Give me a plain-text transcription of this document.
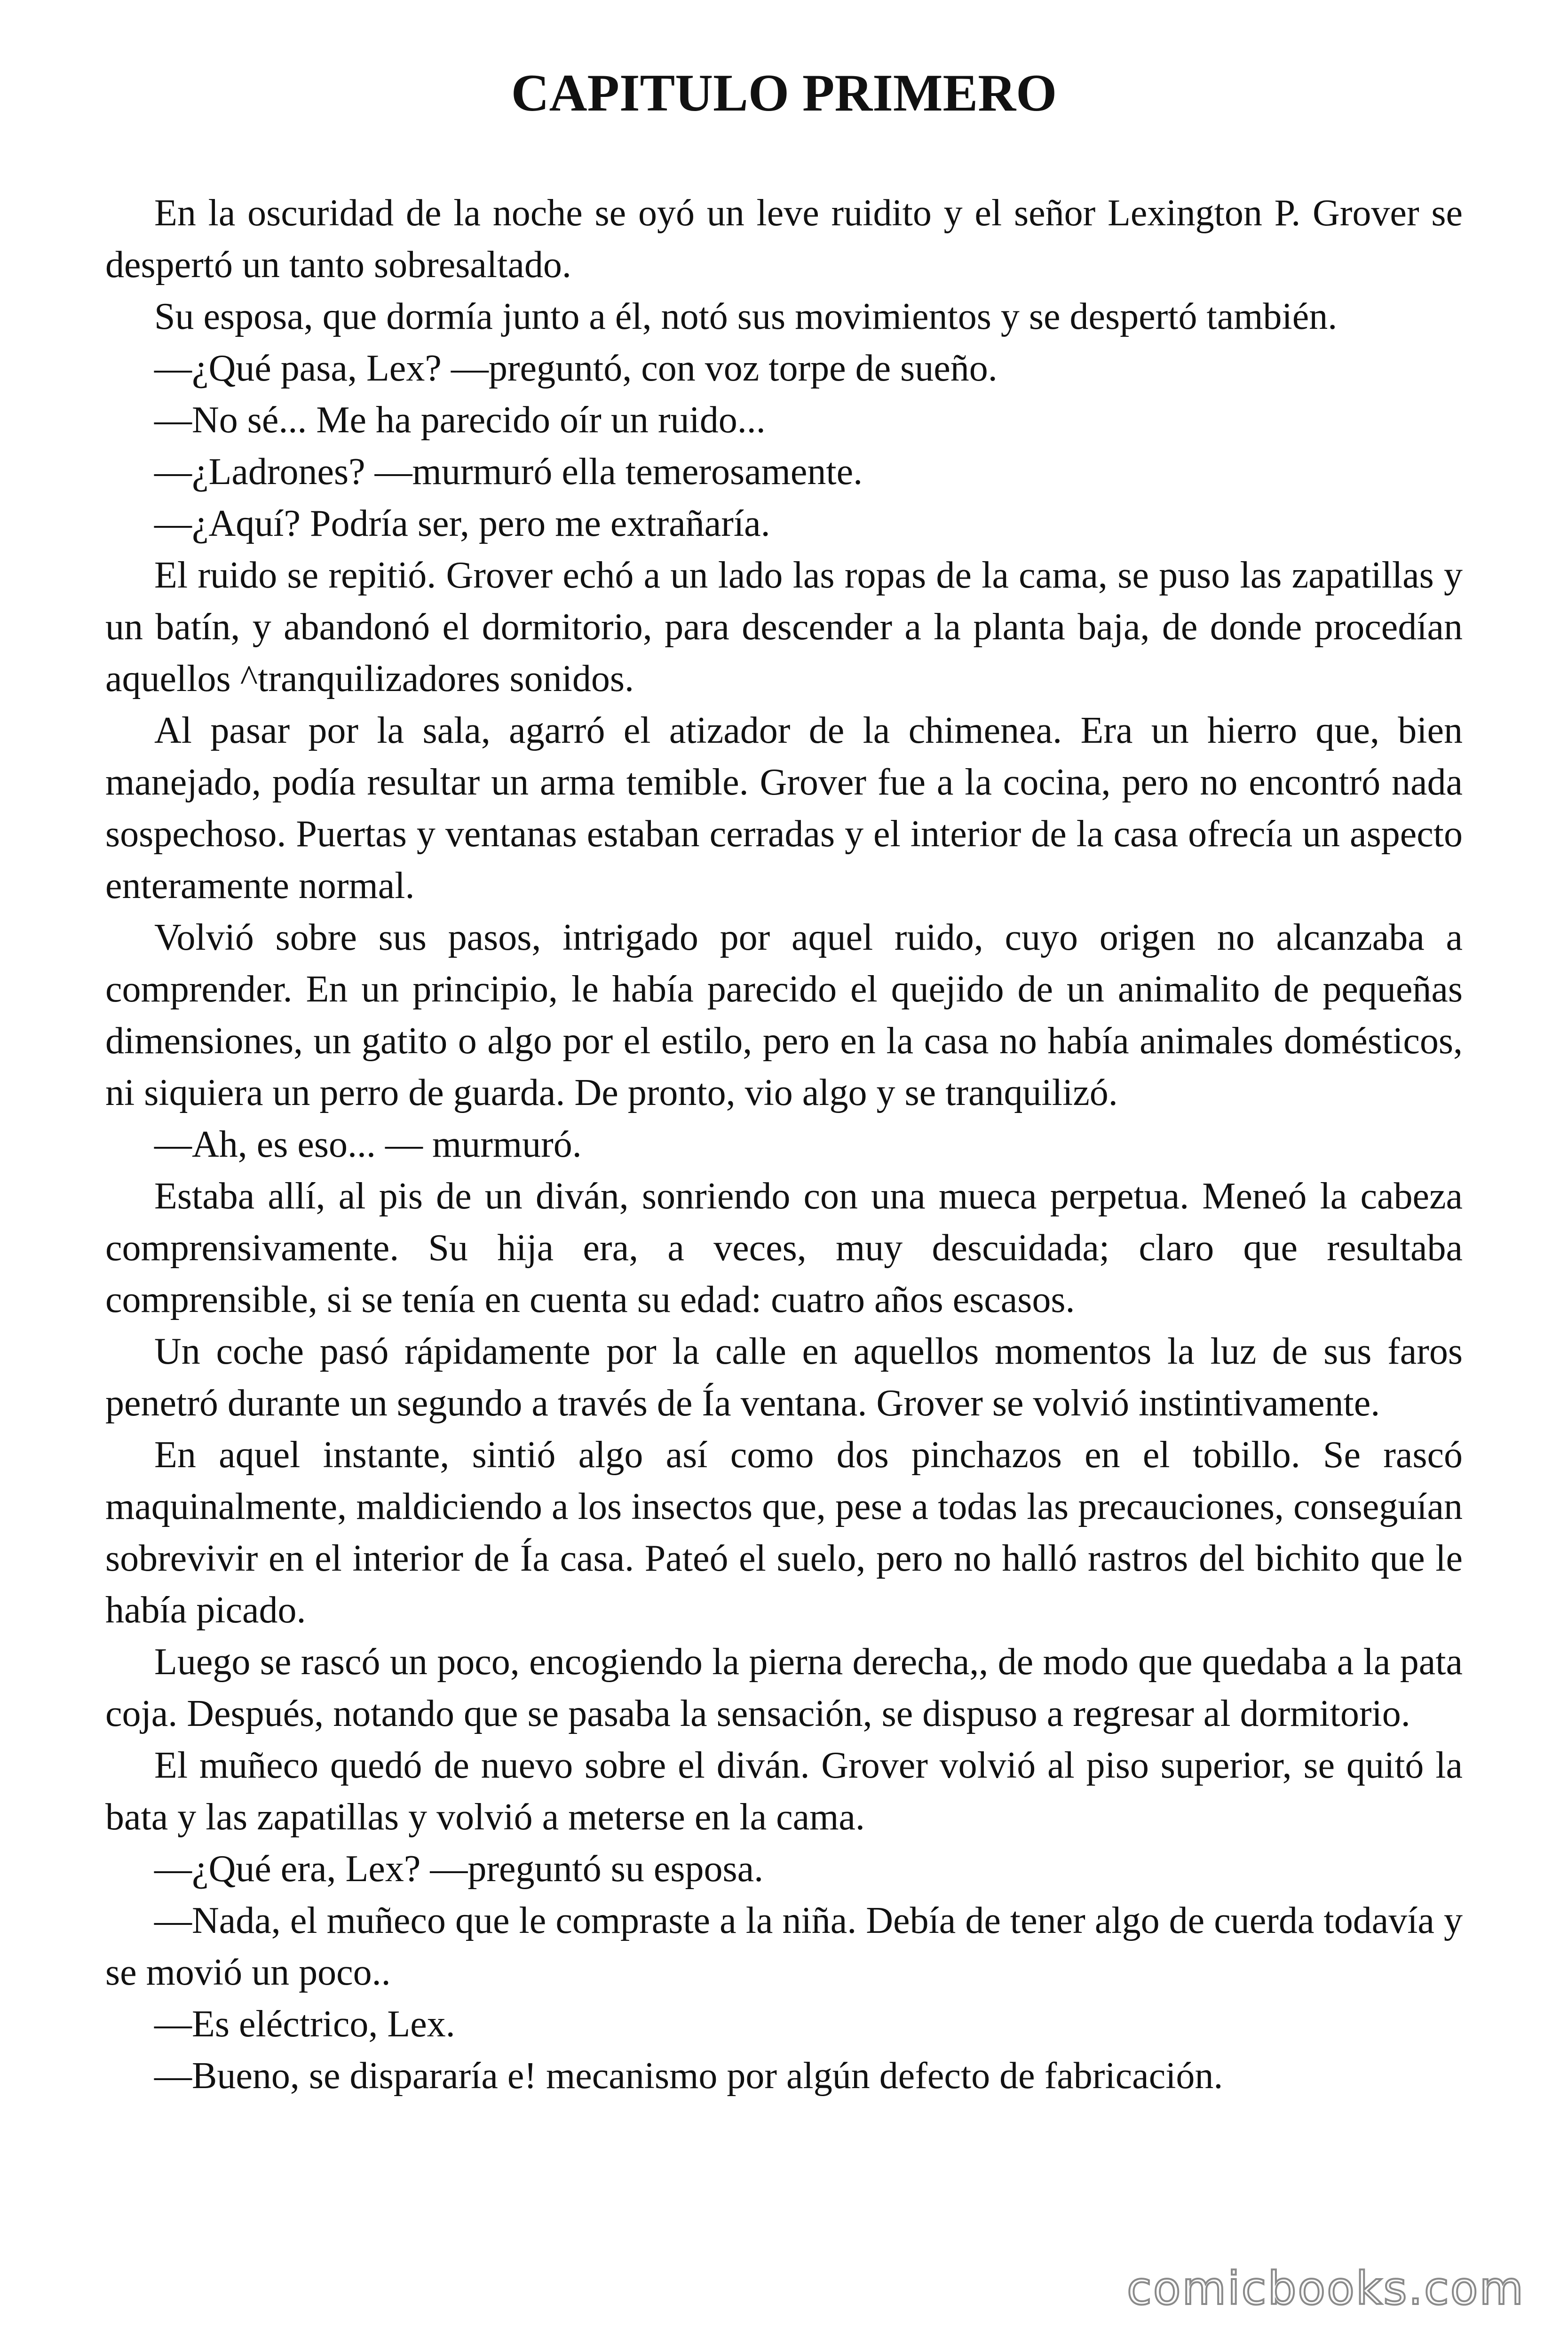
CAPITULO PRIMERO

En la oscuridad de la noche se oyó un leve ruidito y el señor Lexington P. Grover se despertó un tanto sobresaltado.

Su esposa, que dormía junto a él, notó sus movimientos y se despertó también.

—¿Qué pasa, Lex? —preguntó, con voz torpe de sueño.

—No sé... Me ha parecido oír un ruido...

—¿Ladrones? —murmuró ella temerosamente.

—¿Aquí? Podría ser, pero me extrañaría.

El ruido se repitió. Grover echó a un lado las ropas de la cama, se puso las zapatillas y un batín, y abandonó el dormitorio, para descender a la planta baja, de donde procedían aquellos ^tranquilizadores sonidos.

Al pasar por la sala, agarró el atizador de la chimenea. Era un hierro que, bien manejado, podía resultar un arma temible. Grover fue a la cocina, pero no encontró nada sospechoso. Puertas y ventanas estaban cerradas y el interior de la casa ofrecía un aspecto enteramente normal.

Volvió sobre sus pasos, intrigado por aquel ruido, cuyo origen no alcanzaba a comprender. En un principio, le había parecido el quejido de un animalito de pequeñas dimensiones, un gatito o algo por el estilo, pero en la casa no había animales domésticos, ni siquiera un perro de guarda. De pronto, vio algo y se tranquilizó.

—Ah, es eso... — murmuró.

Estaba allí, al pis de un diván, sonriendo con una mueca perpetua. Meneó la cabeza comprensivamente. Su hija era, a veces, muy descuidada; claro que resultaba comprensible, si se tenía en cuenta su edad: cuatro años escasos.

Un coche pasó rápidamente por la calle en aquellos momentos la luz de sus faros penetró durante un segundo a través de Ía ventana. Grover se volvió instintivamente.

En aquel instante, sintió algo así como dos pinchazos en el tobillo. Se rascó maquinalmente, maldiciendo a los insectos que, pese a todas las precauciones, conseguían sobrevivir en el interior de Ía casa. Pateó el suelo, pero no halló rastros del bichito que le había picado.

Luego se rascó un poco, encogiendo la pierna derecha,, de modo que quedaba a la pata coja. Después, notando que se pasaba la sensación, se dispuso a regresar al dormitorio.

El muñeco quedó de nuevo sobre el diván. Grover volvió al piso superior, se quitó la bata y las zapatillas y volvió a meterse en la cama.

—¿Qué era, Lex? —preguntó su esposa.

—Nada, el muñeco que le compraste a la niña. Debía de tener algo de cuerda todavía y se movió un poco..

—Es eléctrico, Lex.

—Bueno, se dispararía e! mecanismo por algún defecto de fabricación.

comicbooks.com
